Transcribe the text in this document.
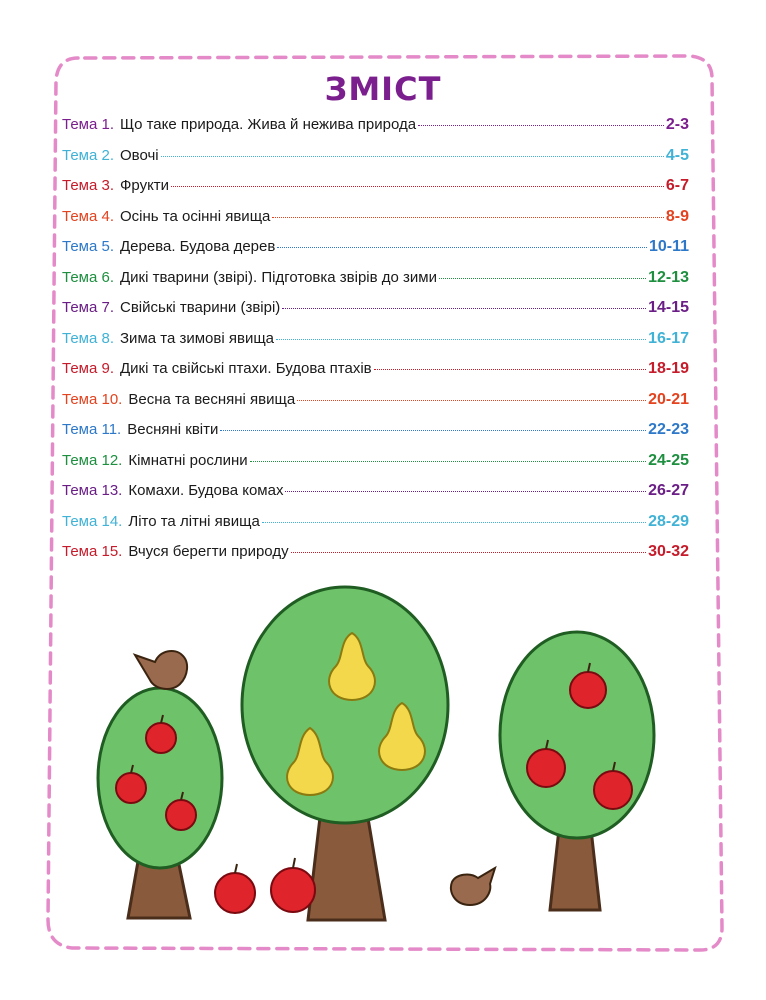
ЗМІСТ
Тема 1. Що таке природа. Жива й нежива природа	2-3
Тема 2. Овочі	4-5
Тема 3. Фрукти	6-7
Тема 4. Осінь та осінні явища	8-9
Тема 5. Дерева. Будова дерев	10-11
Тема 6. Дикі тварини (звірі). Підготовка звірів до зими	12-13
Тема 7. Свійські тварини (звірі)	14-15
Тема 8. Зима та зимові явища	16-17
Тема 9. Дикі та свійські птахи. Будова птахів	18-19
Тема 10. Весна та весняні явища	20-21
Тема 11. Весняні квіти	22-23
Тема 12. Кімнатні рослини	24-25
Тема 13. Комахи. Будова комах	26-27
Тема 14. Літо та літні явища	28-29
Тема 15. Вчуся берегти природу	30-32
